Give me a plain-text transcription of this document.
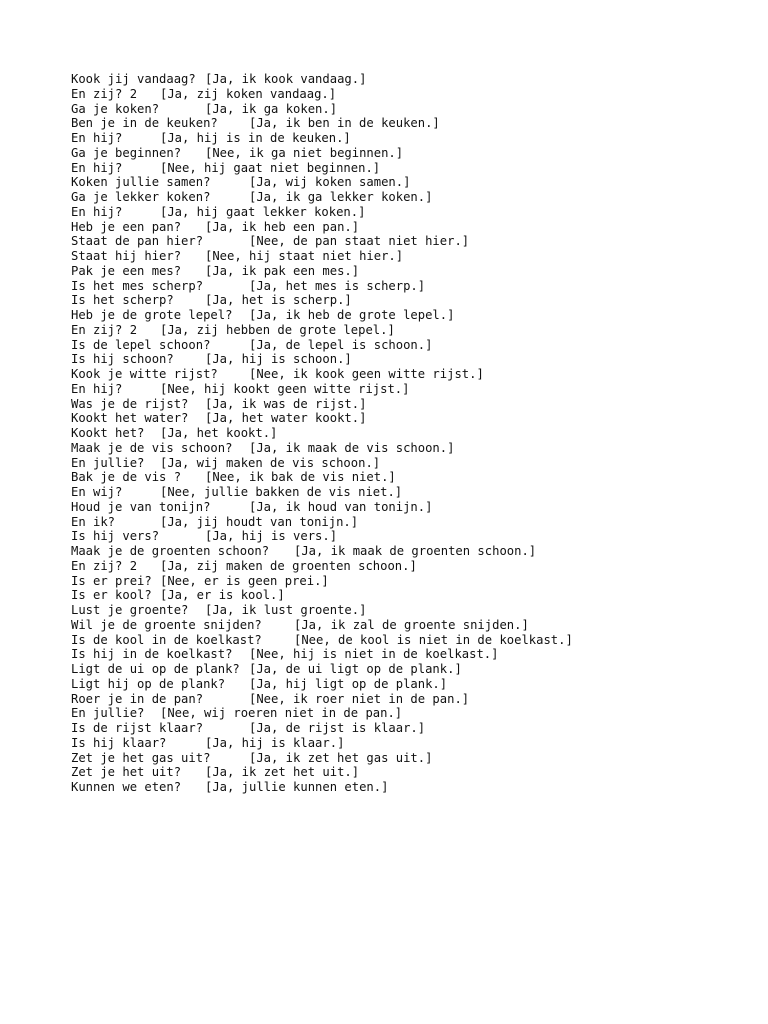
Kook jij vandaag? [Ja, ik kook vandaag.]
En zij? 2 [Ja, zij koken vandaag.]
Ga je koken?	[Ja, ik ga koken.]
Ben je in de keuken?	[Ja, ik ben in de keuken.]
En hij?	[Ja, hij is in de keuken.]
Ga je beginnen? [Nee, ik ga niet beginnen.]
En hij?	[Nee, hij gaat niet beginnen.]
Koken jullie samen?	[Ja, wij koken samen.]
Ga je lekker koken?	[Ja, ik ga lekker koken.]
En hij?	[Ja, hij gaat lekker koken.]
Heb je een pan? [Ja, ik heb een pan.]
Staat de pan hier?	[Nee, de pan staat niet hier.]
Staat hij hier? [Nee, hij staat niet hier.]
Pak je een mes? [Ja, ik pak een mes.]
Is het mes scherp?	[Ja, het mes is scherp.]
Is het scherp?	[Ja, het is scherp.]
Heb je de grote lepel? [Ja, ik heb de grote lepel.]
En zij? 2 [Ja, zij hebben de grote lepel.]
Is de lepel schoon?	[Ja, de lepel is schoon.]
Is hij schoon?	[Ja, hij is schoon.]
Kook je witte rijst?	[Nee, ik kook geen witte rijst.]
En hij?	[Nee, hij kookt geen witte rijst.]
Was je de rijst? [Ja, ik was de rijst.]
Kookt het water? [Ja, het water kookt.]
Kookt het? [Ja, het kookt.]
Maak je de vis schoon? [Ja, ik maak de vis schoon.]
En jullie? [Ja, wij maken de vis schoon.]
Bak je de vis ? [Nee, ik bak de vis niet.]
En wij?	[Nee, jullie bakken de vis niet.]
Houd je van tonijn?	[Ja, ik houd van tonijn.]
En ik?	[Ja, jij houdt van tonijn.]
Is hij vers?	[Ja, hij is vers.]
Maak je de groenten schoon? [Ja, ik maak de groenten schoon.]
En zij? 2 [Ja, zij maken de groenten schoon.]
Is er prei? [Nee, er is geen prei.]
Is er kool? [Ja, er is kool.]
Lust je groente? [Ja, ik lust groente.]
Wil je de groente snijden?	[Ja, ik zal de groente snijden.]
Is de kool in de koelkast?	[Nee, de kool is niet in de koelkast.]
Is hij in de koelkast? [Nee, hij is niet in de koelkast.]
Ligt de ui op de plank? [Ja, de ui ligt op de plank.]
Ligt hij op de plank? [Ja, hij ligt op de plank.]
Roer je in de pan?	[Nee, ik roer niet in de pan.]
En jullie? [Nee, wij roeren niet in de pan.]
Is de rijst klaar?	[Ja, de rijst is klaar.]
Is hij klaar?	[Ja, hij is klaar.]
Zet je het gas uit?	[Ja, ik zet het gas uit.]
Zet je het uit? [Ja, ik zet het uit.]
Kunnen we eten? [Ja, jullie kunnen eten.]
